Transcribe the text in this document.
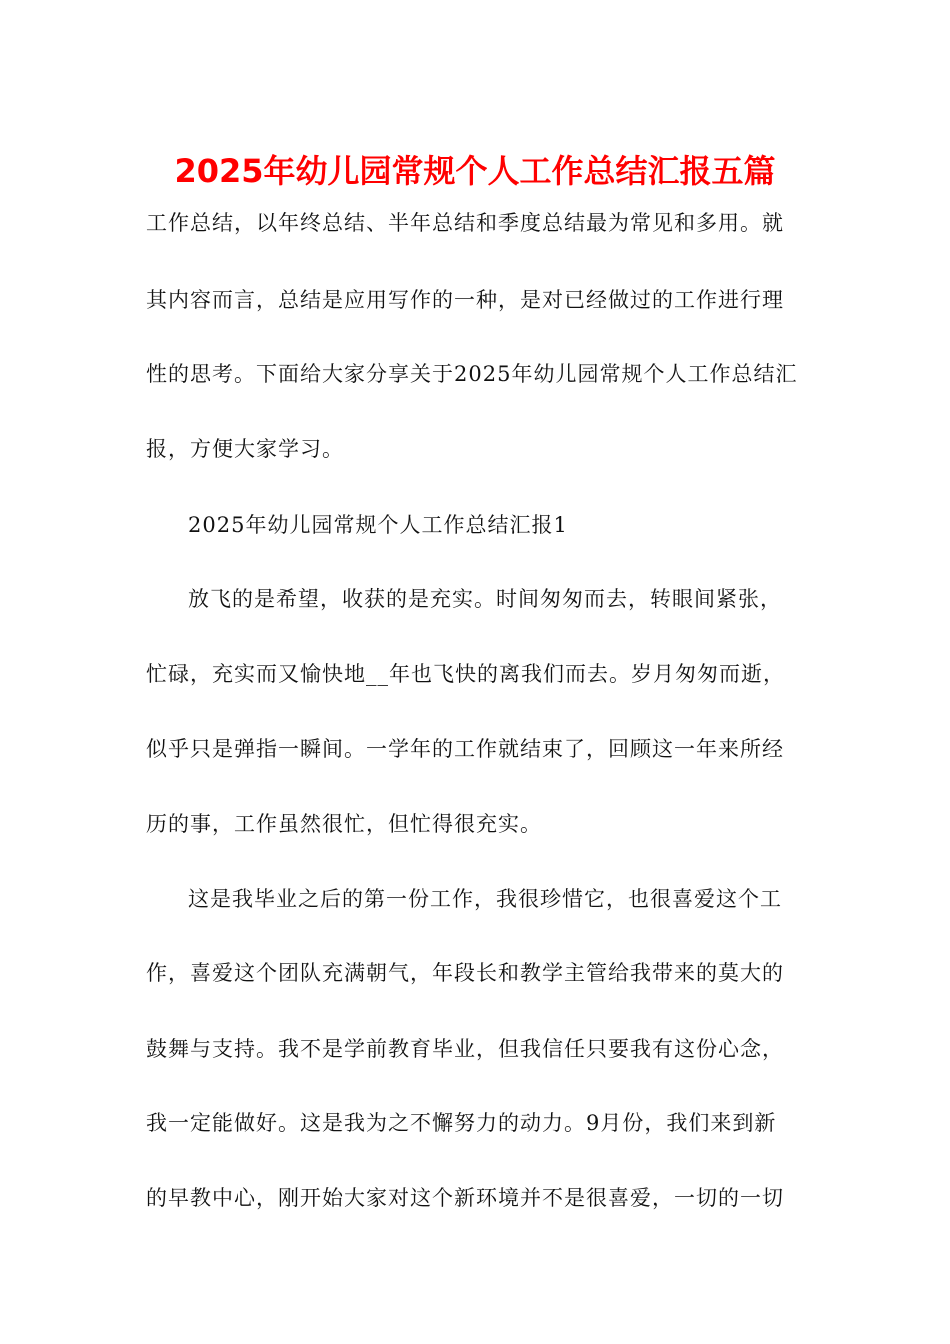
2025年幼儿园常规个人工作总结汇报五篇
工作总结，以年终总结、半年总结和季度总结最为常见和多用。就
其内容而言，总结是应用写作的一种，是对已经做过的工作进行理
性的思考。下面给大家分享关于2025年幼儿园常规个人工作总结汇
报，方便大家学习。
2025年幼儿园常规个人工作总结汇报1
放飞的是希望，收获的是充实。时间匆匆而去，转眼间紧张，
忙碌，充实而又愉快地__年也飞快的离我们而去。岁月匆匆而逝，
似乎只是弹指一瞬间。一学年的工作就结束了，回顾这一年来所经
历的事，工作虽然很忙，但忙得很充实。
这是我毕业之后的第一份工作，我很珍惜它，也很喜爱这个工
作，喜爱这个团队充满朝气，年段长和教学主管给我带来的莫大的
鼓舞与支持。我不是学前教育毕业，但我信任只要我有这份心念，
我一定能做好。这是我为之不懈努力的动力。9月份，我们来到新
的早教中心，刚开始大家对这个新环境并不是很喜爱，一切的一切
